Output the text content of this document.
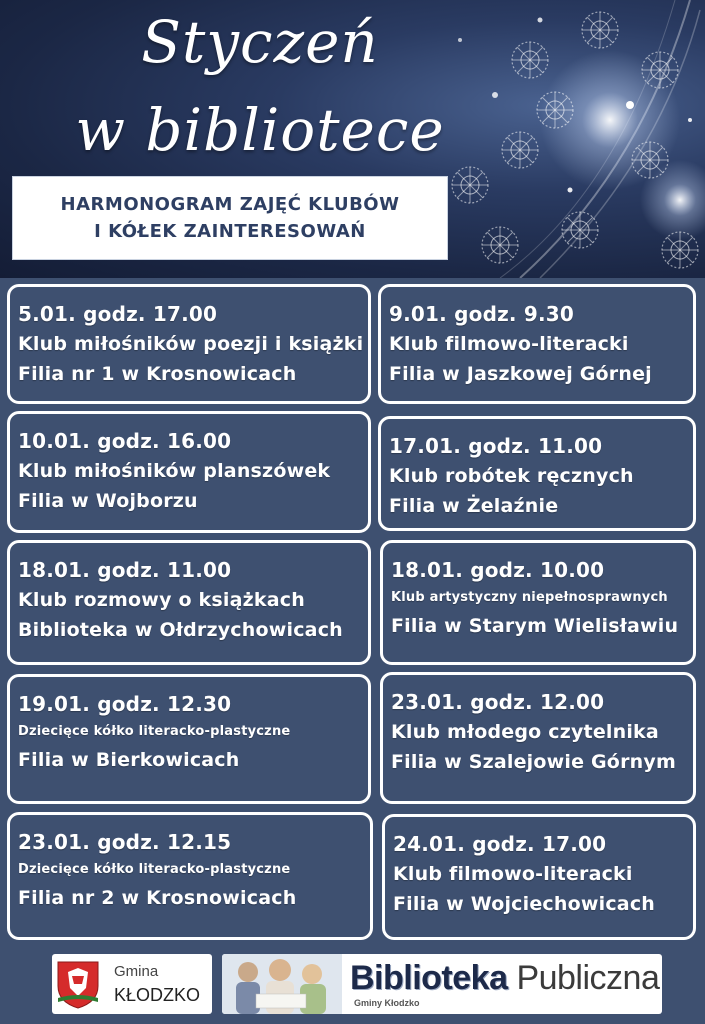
Styczeń
w bibliotece
HARMONOGRAM ZAJĘĆ KLUBÓW
I KÓŁEK ZAINTERESOWAŃ
5.01. godz. 17.00
Klub miłośników poezji i książki
Filia nr 1 w Krosnowicach
9.01. godz. 9.30
Klub filmowo-literacki
Filia w Jaszkowej Górnej
10.01. godz. 16.00
Klub miłośników planszówek
Filia w Wojborzu
17.01. godz. 11.00
Klub robótek ręcznych
Filia w Żelaźnie
18.01. godz. 11.00
Klub rozmowy o książkach
Biblioteka w Ołdrzychowicach
18.01. godz. 10.00
Klub artystyczny niepełnosprawnych
Filia w Starym Wielisławiu
19.01. godz. 12.30
Dziecięce kółko literacko-plastyczne
Filia w Bierkowicach
23.01. godz. 12.00
Klub młodego czytelnika
Filia w Szalejowie Górnym
23.01. godz. 12.15
Dziecięce kółko literacko-plastyczne
Filia nr 2 w Krosnowicach
24.01. godz. 17.00
Klub filmowo-literacki
Filia w Wojciechowicach
Gmina
KŁODZKO	Biblioteka Publiczna
Gminy Kłodzko
